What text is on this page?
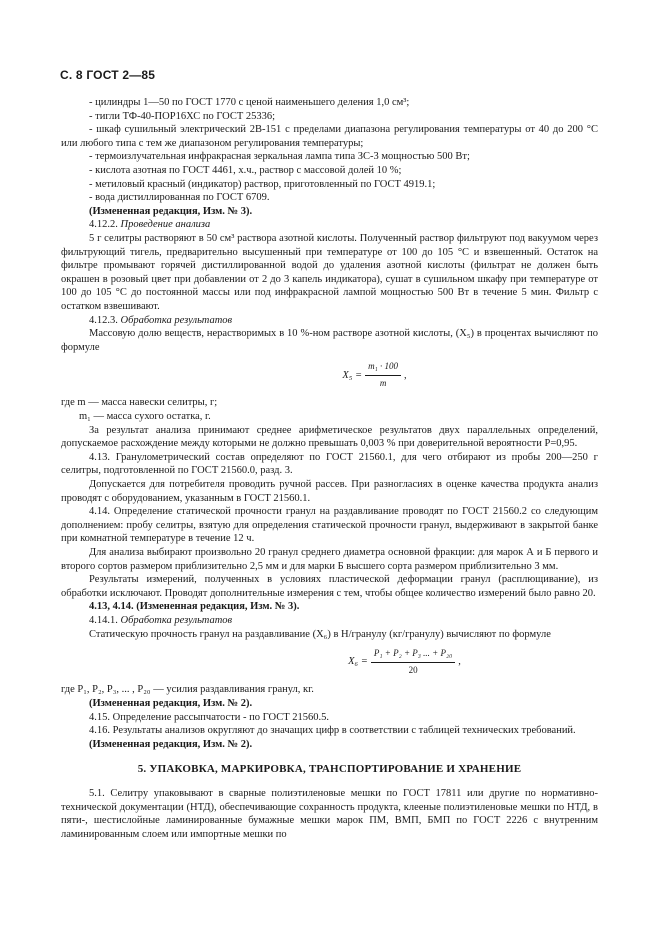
С. 8 ГОСТ 2—85

- цилиндры 1—50 по ГОСТ 1770 с ценой наименьшего деления 1,0 см³;

- тигли ТФ-40-ПОР16ХС по ГОСТ 25336;

- шкаф сушильный электрический 2В-151 с пределами диапазона регулирования температуры от 40 до 200 °С или любого типа с тем же диапазоном регулирования температуры;

- термоизлучательная инфракрасная зеркальная лампа типа ЗС-3 мощностью 500 Вт;

- кислота азотная по ГОСТ 4461, х.ч., раствор с массовой долей 10 %;

- метиловый красный (индикатор) раствор, приготовленный по ГОСТ 4919.1;

- вода дистиллированная по ГОСТ 6709.

(Измененная редакция, Изм. № 3).

4.12.2. Проведение анализа

5 г селитры растворяют в 50 см³ раствора азотной кислоты. Полученный раствор фильтруют под вакуумом через фильтрующий тигель, предварительно высушенный при температуре от 100 до 105 °С и взвешенный. Остаток на фильтре промывают горячей дистиллированной водой до удаления азотной кислоты (фильтрат не должен быть окрашен в розовый цвет при добавлении от 2 до 3 капель индикатора), сушат в сушильном шкафу при температуре от 100 до 105 °С до постоянной массы или под инфракрасной лампой мощностью 500 Вт в течение 5 мин. Фильтр с остатком взвешивают.

4.12.3. Обработка результатов

Массовую долю веществ, нерастворимых в 10 %-ном растворе азотной кислоты, (X₅) в процентах вычисляют по формуле

$X_5 = \frac{\text{m₁ · 100}}{m}$ ,

где m — масса навески селитры, г;

m₁ — масса сухого остатка, г.

За результат анализа принимают среднее арифметическое результатов двух параллельных определений, допускаемое расхождение между которыми не должно превышать 0,003 % при доверительной вероятности P=0,95.

4.13. Гранулометрический состав определяют по ГОСТ 21560.1, для чего отбирают из пробы 200—250 г селитры, подготовленной по ГОСТ 21560.0, разд. 3.

Допускается для потребителя проводить ручной рассев. При разногласиях в оценке качества продукта анализ проводят с оборудованием, указанным в ГОСТ 21560.1.

4.14. Определение статической прочности гранул на раздавливание проводят по ГОСТ 21560.2 со следующим дополнением: пробу селитры, взятую для определения статической прочности гранул, выдерживают в закрытой банке при комнатной температуре в течение 12 ч.

Для анализа выбирают произвольно 20 гранул среднего диаметра основной фракции: для марок А и Б первого и второго сортов размером приблизительно 2,5 мм и для марки Б высшего сорта размером приблизительно 3 мм.

Результаты измерений, полученных в условиях пластической деформации гранул (расплющивание), из обработки исключают. Проводят дополнительные измерения с тем, чтобы общее количество измерений было равно 20.

4.13, 4.14. (Измененная редакция, Изм. № 3).

4.14.1. Обработка результатов

Статическую прочность гранул на раздавливание (X₆) в Н/гранулу (кг/гранулу) вычисляют по формуле

$X_6 = \frac{\text{P₁ + P₂ + P₃ ... + P₂₀}}{20}$ ,

где P₁, P₂, P₃, ... , P₂₀ — усилия раздавливания гранул, кг.

(Измененная редакция, Изм. № 2).

4.15. Определение рассыпчатости - по ГОСТ 21560.5.

4.16. Результаты анализов округляют до значащих цифр в соответствии с таблицей технических требований.

(Измененная редакция, Изм. № 2).

5. УПАКОВКА, МАРКИРОВКА, ТРАНСПОРТИРОВАНИЕ И ХРАНЕНИЕ

5.1. Селитру упаковывают в сварные полиэтиленовые мешки по ГОСТ 17811 или другие по нормативно-технической документации (НТД), обеспечивающие сохранность продукта, клееные полиэтиленовые мешки по НТД, в пяти-, шестислойные ламинированные бумажные мешки марок ПМ, ВМП, БМП по ГОСТ 2226 с внутренним ламинированным слоем или импортные мешки по
